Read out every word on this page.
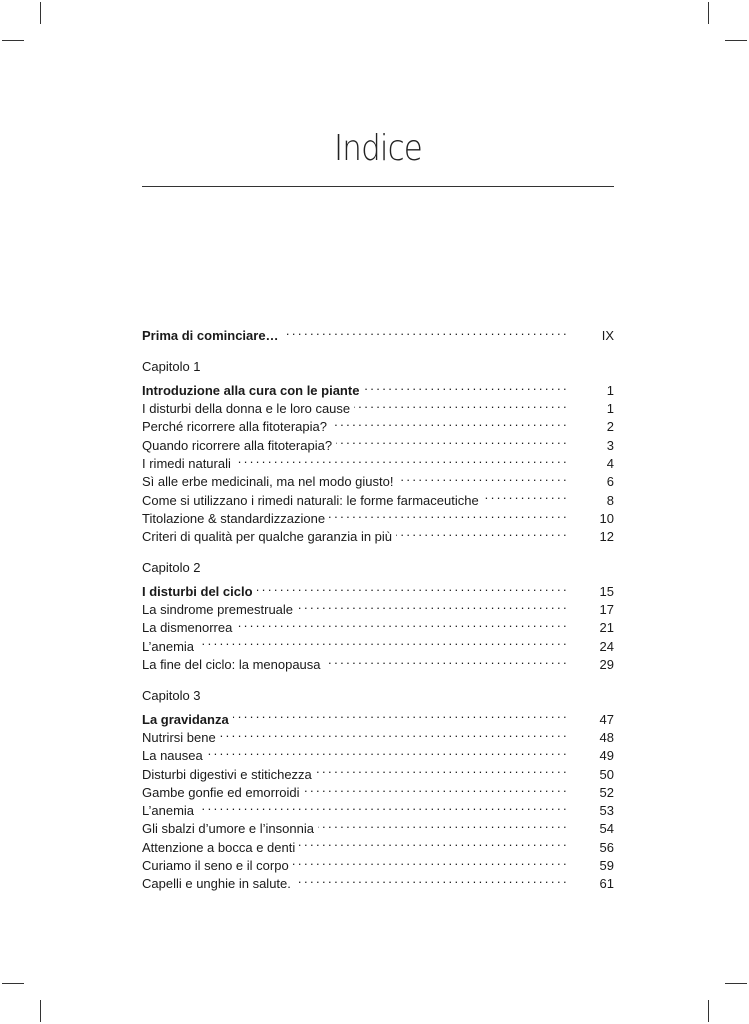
Indice
Prima di cominciare… . . .	IX
Capitolo 1
Introduzione alla cura con le piante . . .	1
I disturbi della donna e le loro cause . . .	1
Perché ricorrere alla fitoterapia? . . .	2
Quando ricorrere alla fitoterapia? . . .	3
I rimedi naturali . . .	4
Sì alle erbe medicinali, ma nel modo giusto! . . .	6
Come si utilizzano i rimedi naturali: le forme farmaceutiche . . .	8
Titolazione & standardizzazione . . .	10
Criteri di qualità per qualche garanzia in più . . .	12
Capitolo 2
I disturbi del ciclo . . .	15
La sindrome premestruale . . .	17
La dismenorrea . . .	21
L’anemia . . .	24
La fine del ciclo: la menopausa . . .	29
Capitolo 3
La gravidanza . . .	47
Nutrirsi bene . . .	48
La nausea . . .	49
Disturbi digestivi e stitichezza . . .	50
Gambe gonfie ed emorroidi . . .	52
L’anemia . . .	53
Gli sbalzi d’umore e l’insonnia . . .	54
Attenzione a bocca e denti . . .	56
Curiamo il seno e il corpo . . .	59
Capelli e unghie in salute. . . .	61
